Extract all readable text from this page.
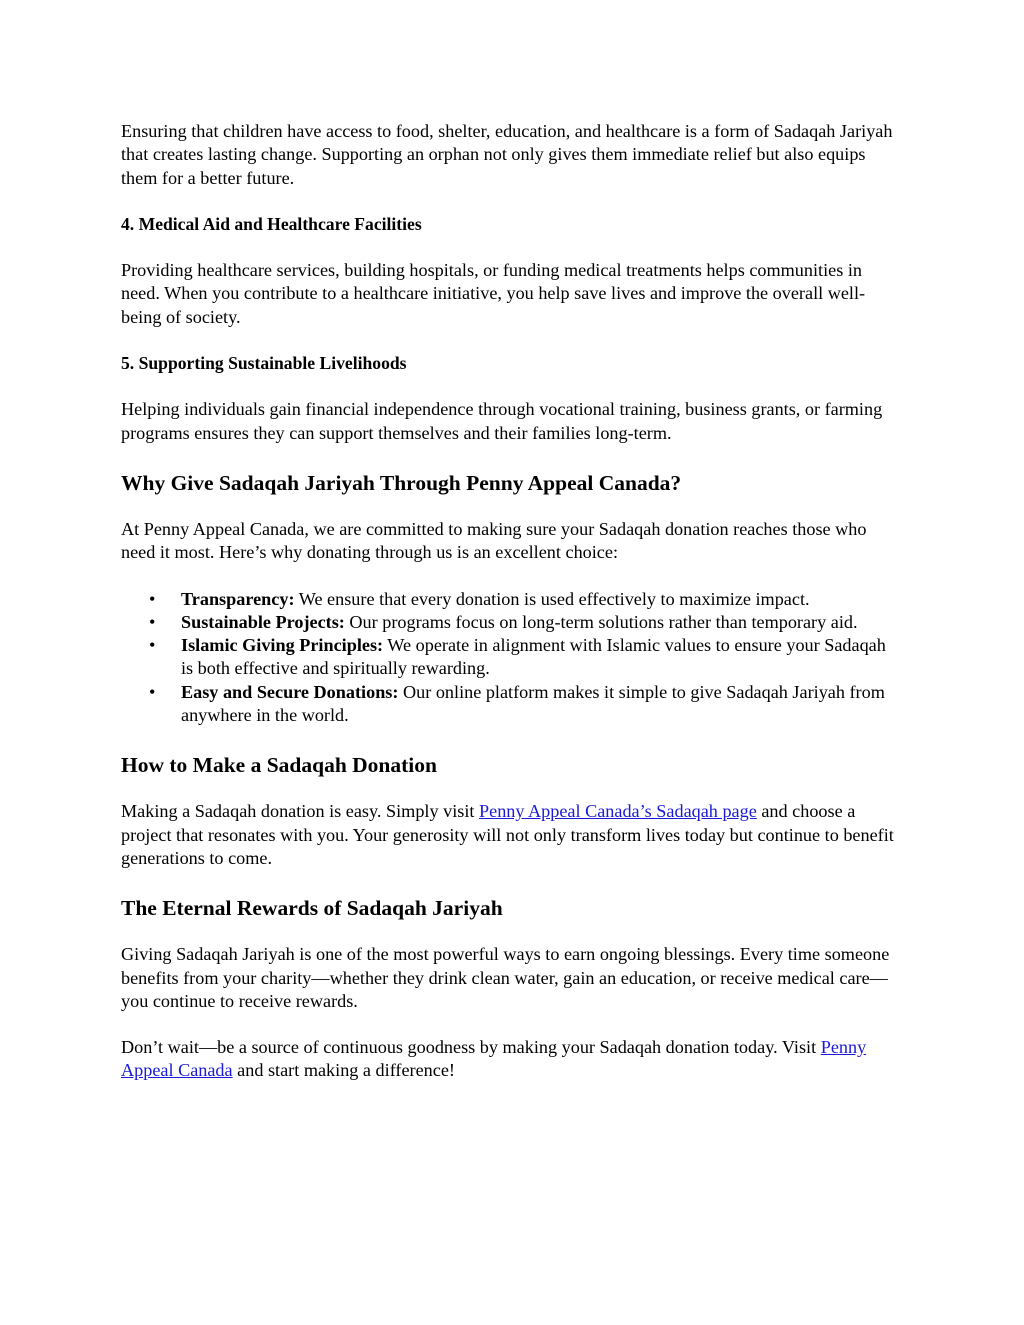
Ensuring that children have access to food, shelter, education, and healthcare is a form of Sadaqah Jariyah that creates lasting change. Supporting an orphan not only gives them immediate relief but also equips them for a better future.

4. Medical Aid and Healthcare Facilities

Providing healthcare services, building hospitals, or funding medical treatments helps communities in need. When you contribute to a healthcare initiative, you help save lives and improve the overall well-being of society.

5. Supporting Sustainable Livelihoods

Helping individuals gain financial independence through vocational training, business grants, or farming programs ensures they can support themselves and their families long-term.

Why Give Sadaqah Jariyah Through Penny Appeal Canada?

At Penny Appeal Canada, we are committed to making sure your Sadaqah donation reaches those who need it most. Here’s why donating through us is an excellent choice:

• Transparency: We ensure that every donation is used effectively to maximize impact.
• Sustainable Projects: Our programs focus on long-term solutions rather than temporary aid.
• Islamic Giving Principles: We operate in alignment with Islamic values to ensure your Sadaqah is both effective and spiritually rewarding.
• Easy and Secure Donations: Our online platform makes it simple to give Sadaqah Jariyah from anywhere in the world.

How to Make a Sadaqah Donation

Making a Sadaqah donation is easy. Simply visit Penny Appeal Canada’s Sadaqah page and choose a project that resonates with you. Your generosity will not only transform lives today but continue to benefit generations to come.

The Eternal Rewards of Sadaqah Jariyah

Giving Sadaqah Jariyah is one of the most powerful ways to earn ongoing blessings. Every time someone benefits from your charity—whether they drink clean water, gain an education, or receive medical care—you continue to receive rewards.

Don’t wait—be a source of continuous goodness by making your Sadaqah donation today. Visit Penny Appeal Canada and start making a difference!
